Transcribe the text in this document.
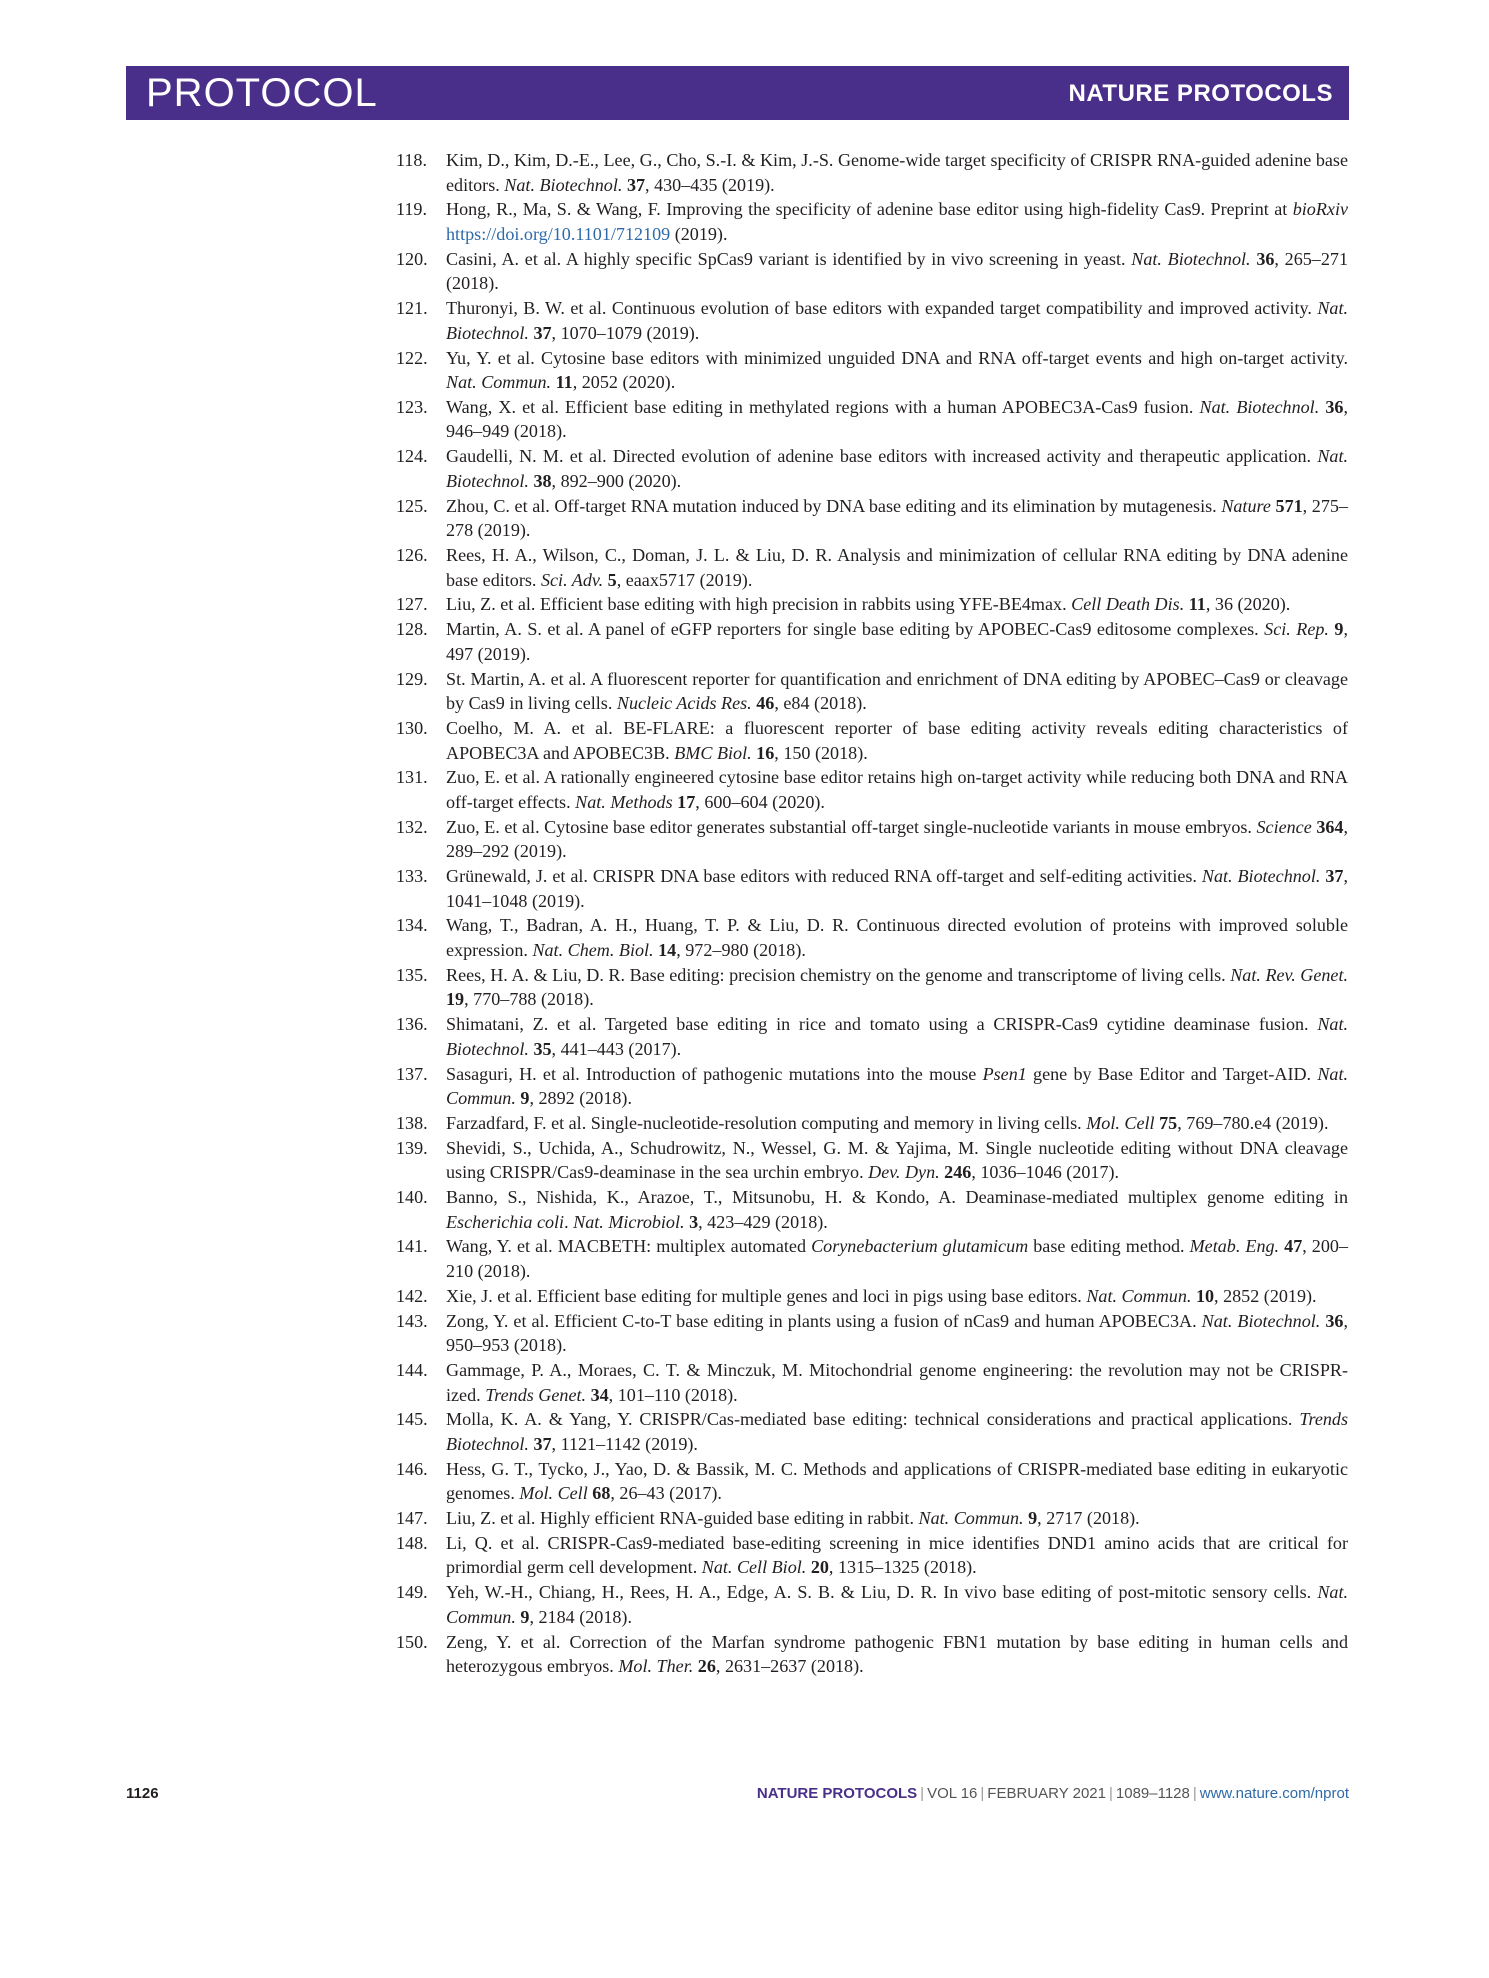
PROTOCOL	NATURE PROTOCOLS
118. Kim, D., Kim, D.-E., Lee, G., Cho, S.-I. & Kim, J.-S. Genome-wide target specificity of CRISPR RNA-guided adenine base editors. Nat. Biotechnol. 37, 430–435 (2019).
119. Hong, R., Ma, S. & Wang, F. Improving the specificity of adenine base editor using high-fidelity Cas9. Preprint at bioRxiv https://doi.org/10.1101/712109 (2019).
120. Casini, A. et al. A highly specific SpCas9 variant is identified by in vivo screening in yeast. Nat. Biotechnol. 36, 265–271 (2018).
121. Thuronyi, B. W. et al. Continuous evolution of base editors with expanded target compatibility and improved activity. Nat. Biotechnol. 37, 1070–1079 (2019).
122. Yu, Y. et al. Cytosine base editors with minimized unguided DNA and RNA off-target events and high on-target activity. Nat. Commun. 11, 2052 (2020).
123. Wang, X. et al. Efficient base editing in methylated regions with a human APOBEC3A-Cas9 fusion. Nat. Biotechnol. 36, 946–949 (2018).
124. Gaudelli, N. M. et al. Directed evolution of adenine base editors with increased activity and therapeutic application. Nat. Biotechnol. 38, 892–900 (2020).
125. Zhou, C. et al. Off-target RNA mutation induced by DNA base editing and its elimination by mutagenesis. Nature 571, 275–278 (2019).
126. Rees, H. A., Wilson, C., Doman, J. L. & Liu, D. R. Analysis and minimization of cellular RNA editing by DNA adenine base editors. Sci. Adv. 5, eaax5717 (2019).
127. Liu, Z. et al. Efficient base editing with high precision in rabbits using YFE-BE4max. Cell Death Dis. 11, 36 (2020).
128. Martin, A. S. et al. A panel of eGFP reporters for single base editing by APOBEC-Cas9 editosome complexes. Sci. Rep. 9, 497 (2019).
129. St. Martin, A. et al. A fluorescent reporter for quantification and enrichment of DNA editing by APOBEC–Cas9 or cleavage by Cas9 in living cells. Nucleic Acids Res. 46, e84 (2018).
130. Coelho, M. A. et al. BE-FLARE: a fluorescent reporter of base editing activity reveals editing characteristics of APOBEC3A and APOBEC3B. BMC Biol. 16, 150 (2018).
131. Zuo, E. et al. A rationally engineered cytosine base editor retains high on-target activity while reducing both DNA and RNA off-target effects. Nat. Methods 17, 600–604 (2020).
132. Zuo, E. et al. Cytosine base editor generates substantial off-target single-nucleotide variants in mouse embryos. Science 364, 289–292 (2019).
133. Grünewald, J. et al. CRISPR DNA base editors with reduced RNA off-target and self-editing activities. Nat. Biotechnol. 37, 1041–1048 (2019).
134. Wang, T., Badran, A. H., Huang, T. P. & Liu, D. R. Continuous directed evolution of proteins with improved soluble expression. Nat. Chem. Biol. 14, 972–980 (2018).
135. Rees, H. A. & Liu, D. R. Base editing: precision chemistry on the genome and transcriptome of living cells. Nat. Rev. Genet. 19, 770–788 (2018).
136. Shimatani, Z. et al. Targeted base editing in rice and tomato using a CRISPR-Cas9 cytidine deaminase fusion. Nat. Biotechnol. 35, 441–443 (2017).
137. Sasaguri, H. et al. Introduction of pathogenic mutations into the mouse Psen1 gene by Base Editor and Target-AID. Nat. Commun. 9, 2892 (2018).
138. Farzadfard, F. et al. Single-nucleotide-resolution computing and memory in living cells. Mol. Cell 75, 769–780.e4 (2019).
139. Shevidi, S., Uchida, A., Schudrowitz, N., Wessel, G. M. & Yajima, M. Single nucleotide editing without DNA cleavage using CRISPR/Cas9-deaminase in the sea urchin embryo. Dev. Dyn. 246, 1036–1046 (2017).
140. Banno, S., Nishida, K., Arazoe, T., Mitsunobu, H. & Kondo, A. Deaminase-mediated multiplex genome editing in Escherichia coli. Nat. Microbiol. 3, 423–429 (2018).
141. Wang, Y. et al. MACBETH: multiplex automated Corynebacterium glutamicum base editing method. Metab. Eng. 47, 200–210 (2018).
142. Xie, J. et al. Efficient base editing for multiple genes and loci in pigs using base editors. Nat. Commun. 10, 2852 (2019).
143. Zong, Y. et al. Efficient C-to-T base editing in plants using a fusion of nCas9 and human APOBEC3A. Nat. Biotechnol. 36, 950–953 (2018).
144. Gammage, P. A., Moraes, C. T. & Minczuk, M. Mitochondrial genome engineering: the revolution may not be CRISPR-ized. Trends Genet. 34, 101–110 (2018).
145. Molla, K. A. & Yang, Y. CRISPR/Cas-mediated base editing: technical considerations and practical applications. Trends Biotechnol. 37, 1121–1142 (2019).
146. Hess, G. T., Tycko, J., Yao, D. & Bassik, M. C. Methods and applications of CRISPR-mediated base editing in eukaryotic genomes. Mol. Cell 68, 26–43 (2017).
147. Liu, Z. et al. Highly efficient RNA-guided base editing in rabbit. Nat. Commun. 9, 2717 (2018).
148. Li, Q. et al. CRISPR-Cas9-mediated base-editing screening in mice identifies DND1 amino acids that are critical for primordial germ cell development. Nat. Cell Biol. 20, 1315–1325 (2018).
149. Yeh, W.-H., Chiang, H., Rees, H. A., Edge, A. S. B. & Liu, D. R. In vivo base editing of post-mitotic sensory cells. Nat. Commun. 9, 2184 (2018).
150. Zeng, Y. et al. Correction of the Marfan syndrome pathogenic FBN1 mutation by base editing in human cells and heterozygous embryos. Mol. Ther. 26, 2631–2637 (2018).
1126	NATURE PROTOCOLS | VOL 16 | FEBRUARY 2021 | 1089–1128 | www.nature.com/nprot
